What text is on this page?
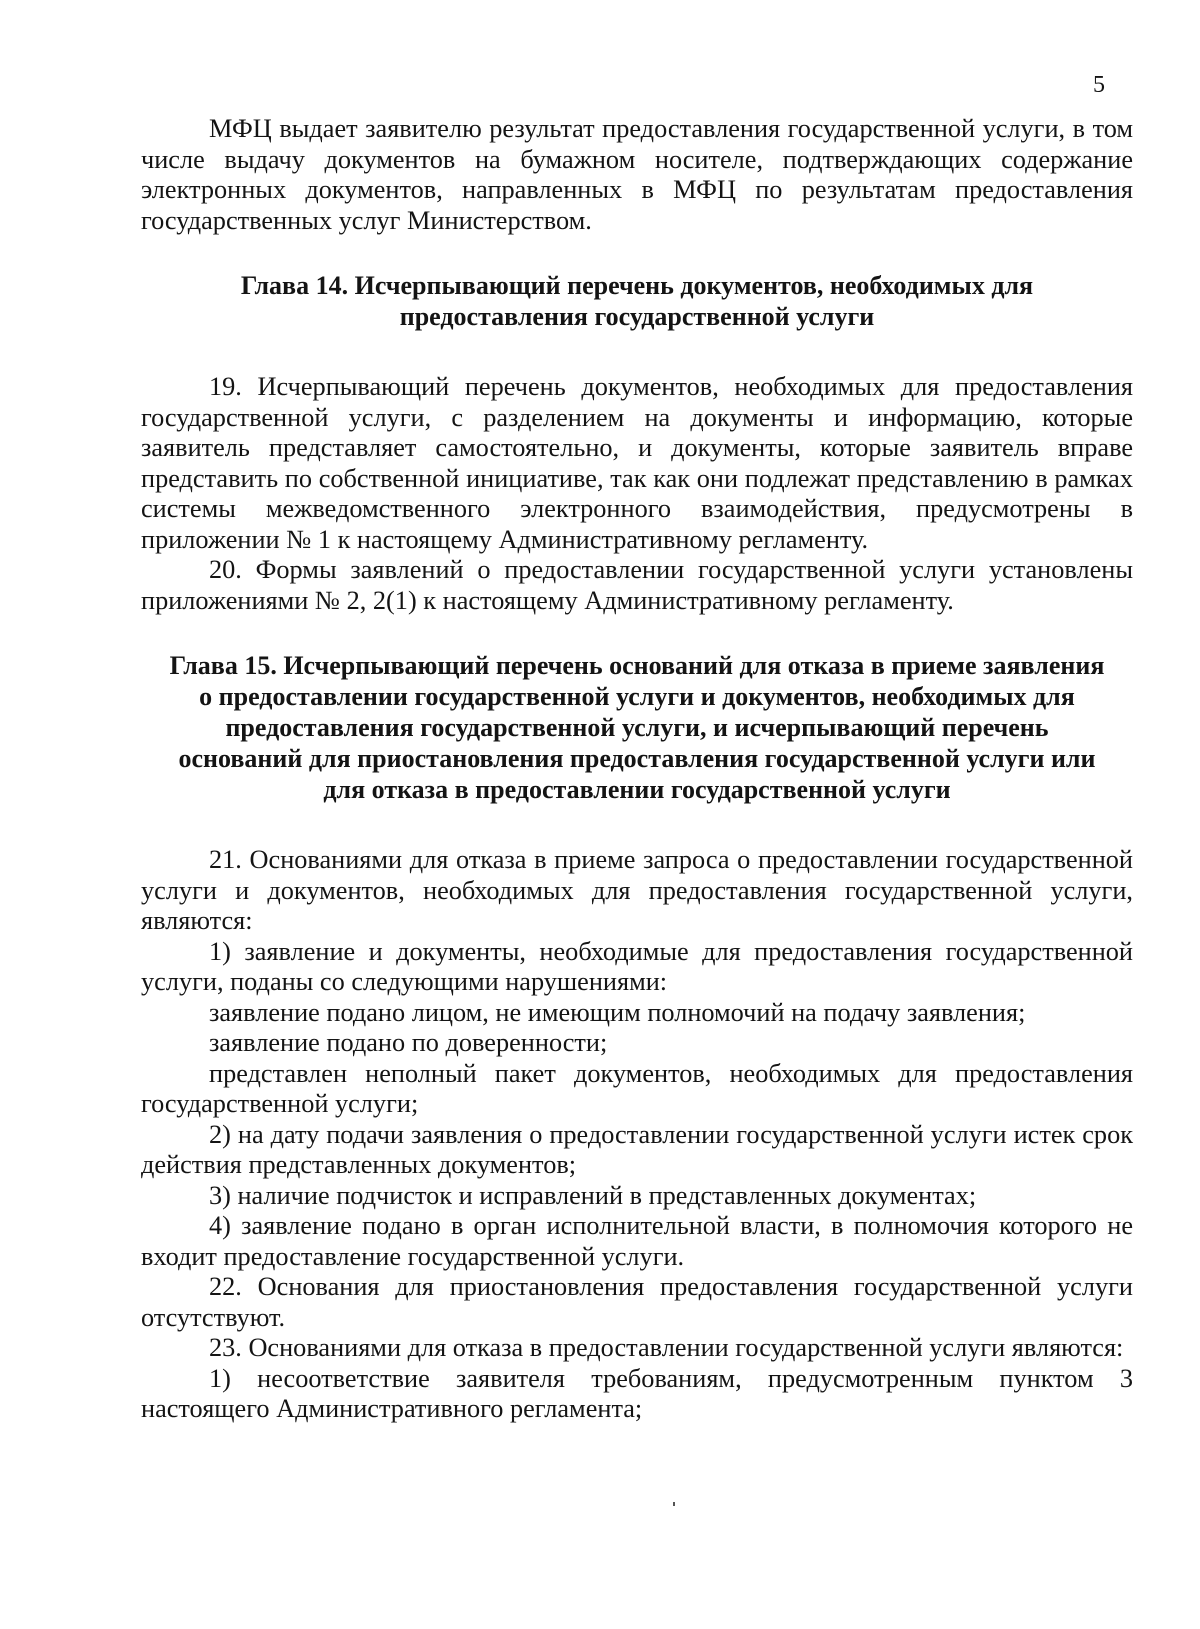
5

МФЦ выдает заявителю результат предоставления государственной услуги, в том числе выдачу документов на бумажном носителе, подтверждающих содержание электронных документов, направленных в МФЦ по результатам предоставления государственных услуг Министерством.

Глава 14. Исчерпывающий перечень документов, необходимых для предоставления государственной услуги

19. Исчерпывающий перечень документов, необходимых для предоставления государственной услуги, с разделением на документы и информацию, которые заявитель представляет самостоятельно, и документы, которые заявитель вправе представить по собственной инициативе, так как они подлежат представлению в рамках системы межведомственного электронного взаимодействия, предусмотрены в приложении № 1 к настоящему Административному регламенту.

20. Формы заявлений о предоставлении государственной услуги установлены приложениями № 2, 2(1) к настоящему Административному регламенту.

Глава 15. Исчерпывающий перечень оснований для отказа в приеме заявления о предоставлении государственной услуги и документов, необходимых для предоставления государственной услуги, и исчерпывающий перечень оснований для приостановления предоставления государственной услуги или для отказа в предоставлении государственной услуги

21. Основаниями для отказа в приеме запроса о предоставлении государственной услуги и документов, необходимых для предоставления государственной услуги, являются:

1) заявление и документы, необходимые для предоставления государственной услуги, поданы со следующими нарушениями:

заявление подано лицом, не имеющим полномочий на подачу заявления;

заявление подано по доверенности;

представлен неполный пакет документов, необходимых для предоставления государственной услуги;

2) на дату подачи заявления о предоставлении государственной услуги истек срок действия представленных документов;

3) наличие подчисток и исправлений в представленных документах;

4) заявление подано в орган исполнительной власти, в полномочия которого не входит предоставление государственной услуги.

22. Основания для приостановления предоставления государственной услуги отсутствуют.

23. Основаниями для отказа в предоставлении государственной услуги являются:

1) несоответствие заявителя требованиям, предусмотренным пунктом 3 настоящего Административного регламента;
